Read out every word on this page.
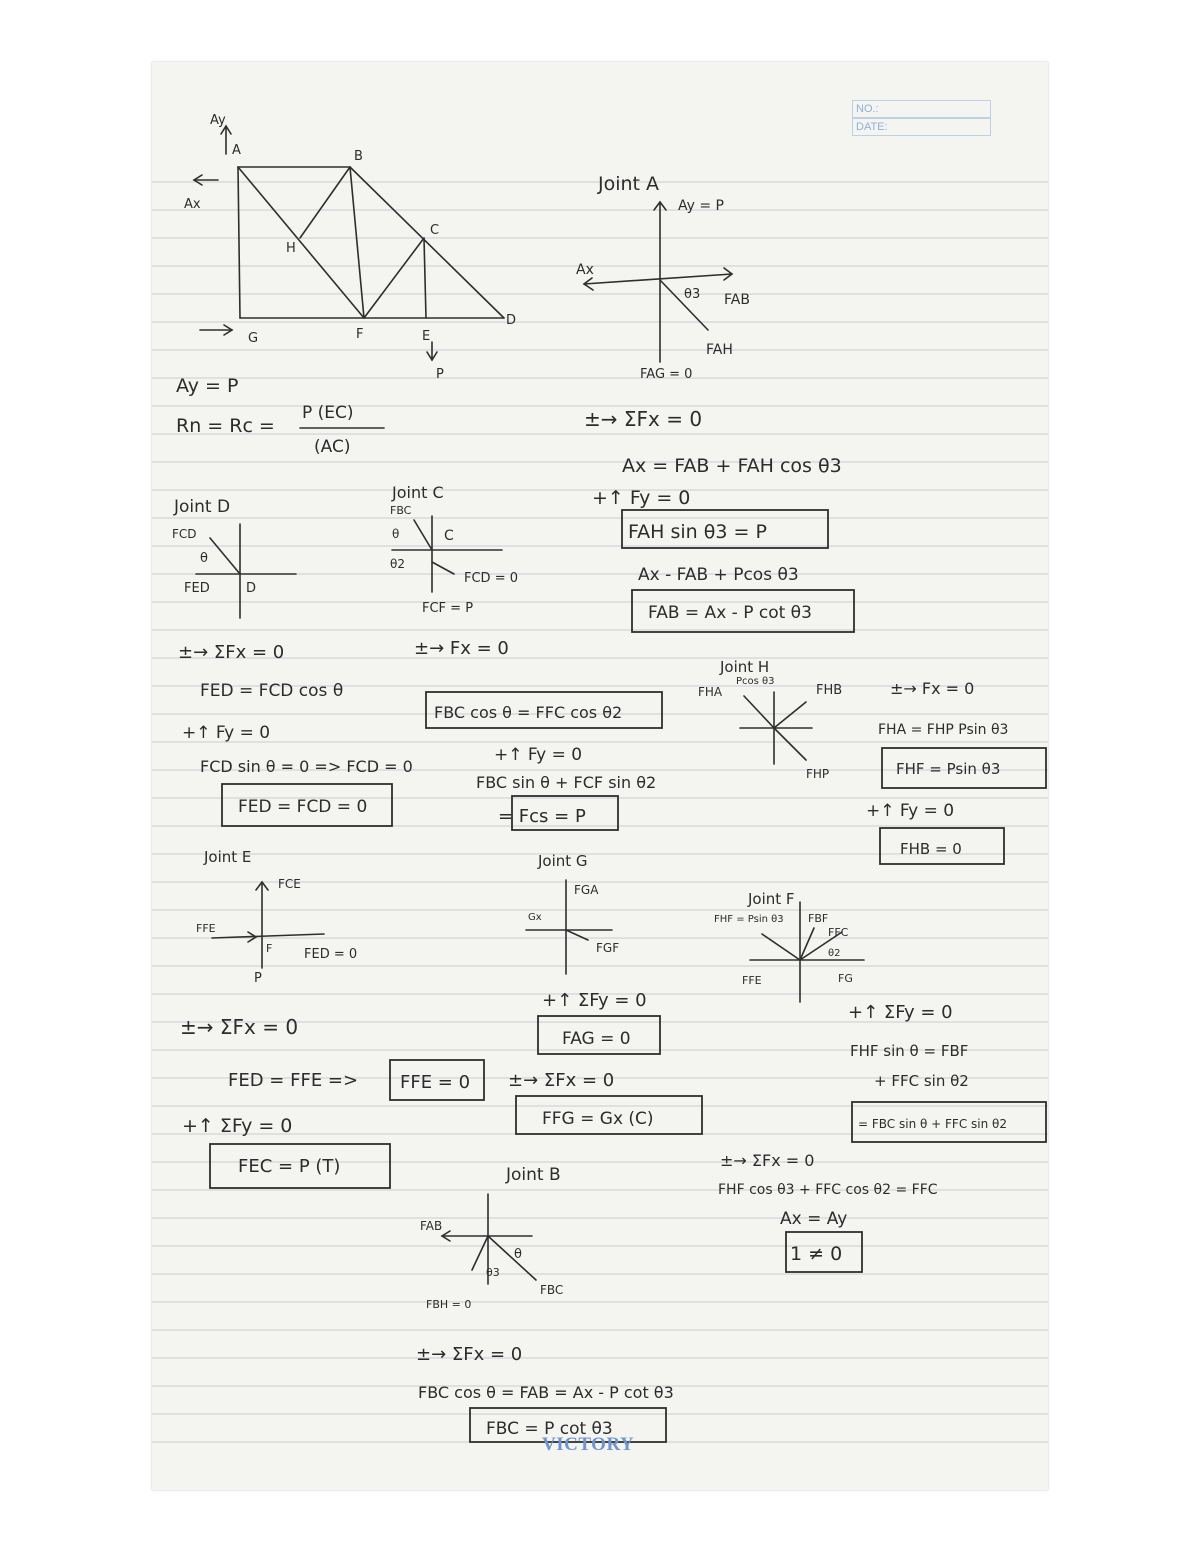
NO.:
DATE:
Ay
A
Ax
B
C
D
F
G
H
E
P
Ay = P
Rn = Rc =
P (EC)
(AC)
Joint A
Ay = P
Ax
FAB
θ3
FAH
FAG = 0
±→ ΣFx = 0
Ax = FAB + FAH cos θ3
+↑ Fy = 0
FAH sin θ3 = P
Ax - FAB + Pcos θ3
FAB = Ax - P cot θ3
Joint D
FCD
θ
FED	D
±→ ΣFx = 0
FED = FCD cos θ
+↑ Fy = 0
FCD sin θ = 0 => FCD = 0
FED = FCD = 0
Joint C
FBC
θ	C
θ2
FCD = 0
FCF = P
±→ Fx = 0
FBC cos θ = FFC cos θ2
+↑ Fy = 0
FBC sin θ + FCF sin θ2
= Fcs = P
Joint H
FHA
Pcos θ3
FHB
FHP
±→ Fx = 0
FHA = FHP Psin θ3
FHF = Psin θ3
+↑ Fy = 0
FHB = 0
Joint E
FCE
FFE
F FED = 0
P
±→ ΣFx = 0
FED = FFE => FFE = 0
+↑ ΣFy = 0
FEC = P (T)
Joint G
FGA
Gx
FGF
+↑ ΣFy = 0
FAG = 0
±→ ΣFx = 0
FFG = Gx (C)
Joint F
FHF = Psin θ3 FBF
FFC
θ2
FFE	FG
+↑ ΣFy = 0
FHF sin θ = FBF
+ FFC sin θ2
= FBC sin θ + FFC sin θ2
±→ ΣFx = 0
FHF cos θ3 + FFC cos θ2 = FFC
Ax = Ay
1 ≠ 0
Joint B
FAB
θ
θ3
FBC
FBH = 0
±→ ΣFx = 0
FBC cos θ = FAB = Ax - P cot θ3
FBC = P cot θ3
VICTORY
